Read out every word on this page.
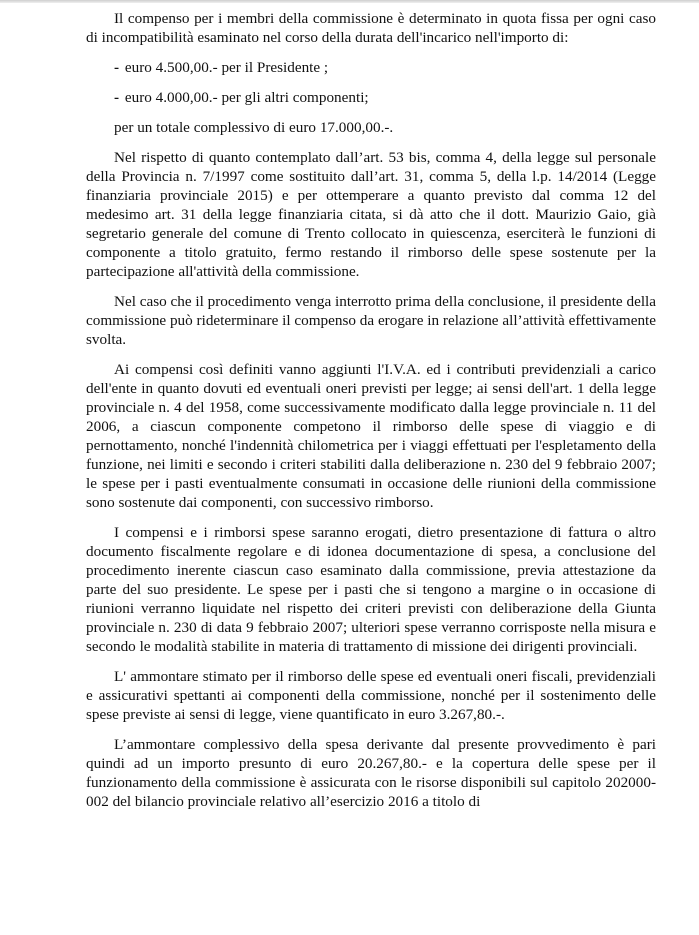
Il compenso per i membri della commissione è determinato in quota fissa per ogni caso di incompatibilità esaminato nel corso della durata dell'incarico nell'importo di:

- euro 4.500,00.- per il Presidente ;

- euro 4.000,00.- per gli altri componenti;

per un totale complessivo di euro 17.000,00.-.

Nel rispetto di quanto contemplato dall’art. 53 bis, comma 4, della legge sul personale della Provincia n. 7/1997 come sostituito dall’art. 31, comma 5, della l.p. 14/2014 (Legge finanziaria provinciale 2015) e per ottemperare a quanto previsto dal comma 12 del medesimo art. 31 della legge finanziaria citata, si dà atto che il dott. Maurizio Gaio, già segretario generale del comune di Trento collocato in quiescenza, eserciterà le funzioni di componente a titolo gratuito, fermo restando il rimborso delle spese sostenute per la partecipazione all'attività della commissione.

Nel caso che il procedimento venga interrotto prima della conclusione, il presidente della commissione può rideterminare il compenso da erogare in relazione all’attività effettivamente svolta.

Ai compensi così definiti vanno aggiunti l'I.V.A. ed i contributi previdenziali a carico dell'ente in quanto dovuti ed eventuali oneri previsti per legge; ai sensi dell'art. 1 della legge provinciale n. 4 del 1958, come successivamente modificato dalla legge provinciale n. 11 del 2006, a ciascun componente competono il rimborso delle spese di viaggio e di pernottamento, nonché l'indennità chilometrica per i viaggi effettuati per l'espletamento della funzione, nei limiti e secondo i criteri stabiliti dalla deliberazione n. 230 del 9 febbraio 2007; le spese per i pasti eventualmente consumati in occasione delle riunioni della commissione sono sostenute dai componenti, con successivo rimborso.

I compensi e i rimborsi spese saranno erogati, dietro presentazione di fattura o altro documento fiscalmente regolare e di idonea documentazione di spesa, a conclusione del procedimento inerente ciascun caso esaminato dalla commissione, previa attestazione da parte del suo presidente. Le spese per i pasti che si tengono a margine o in occasione di riunioni verranno liquidate nel rispetto dei criteri previsti con deliberazione della Giunta provinciale n. 230 di data 9 febbraio 2007; ulteriori spese verranno corrisposte nella misura e secondo le modalità stabilite in materia di trattamento di missione dei dirigenti provinciali.

L' ammontare stimato per il rimborso delle spese ed eventuali oneri fiscali, previdenziali e assicurativi spettanti ai componenti della commissione, nonché per il sostenimento delle spese previste ai sensi di legge, viene quantificato in euro 3.267,80.-.

L’ammontare complessivo della spesa derivante dal presente provvedimento è pari quindi ad un importo presunto di euro 20.267,80.- e la copertura delle spese per il funzionamento della commissione è assicurata con le risorse disponibili sul capitolo 202000-002 del bilancio provinciale relativo all’esercizio 2016 a titolo di
